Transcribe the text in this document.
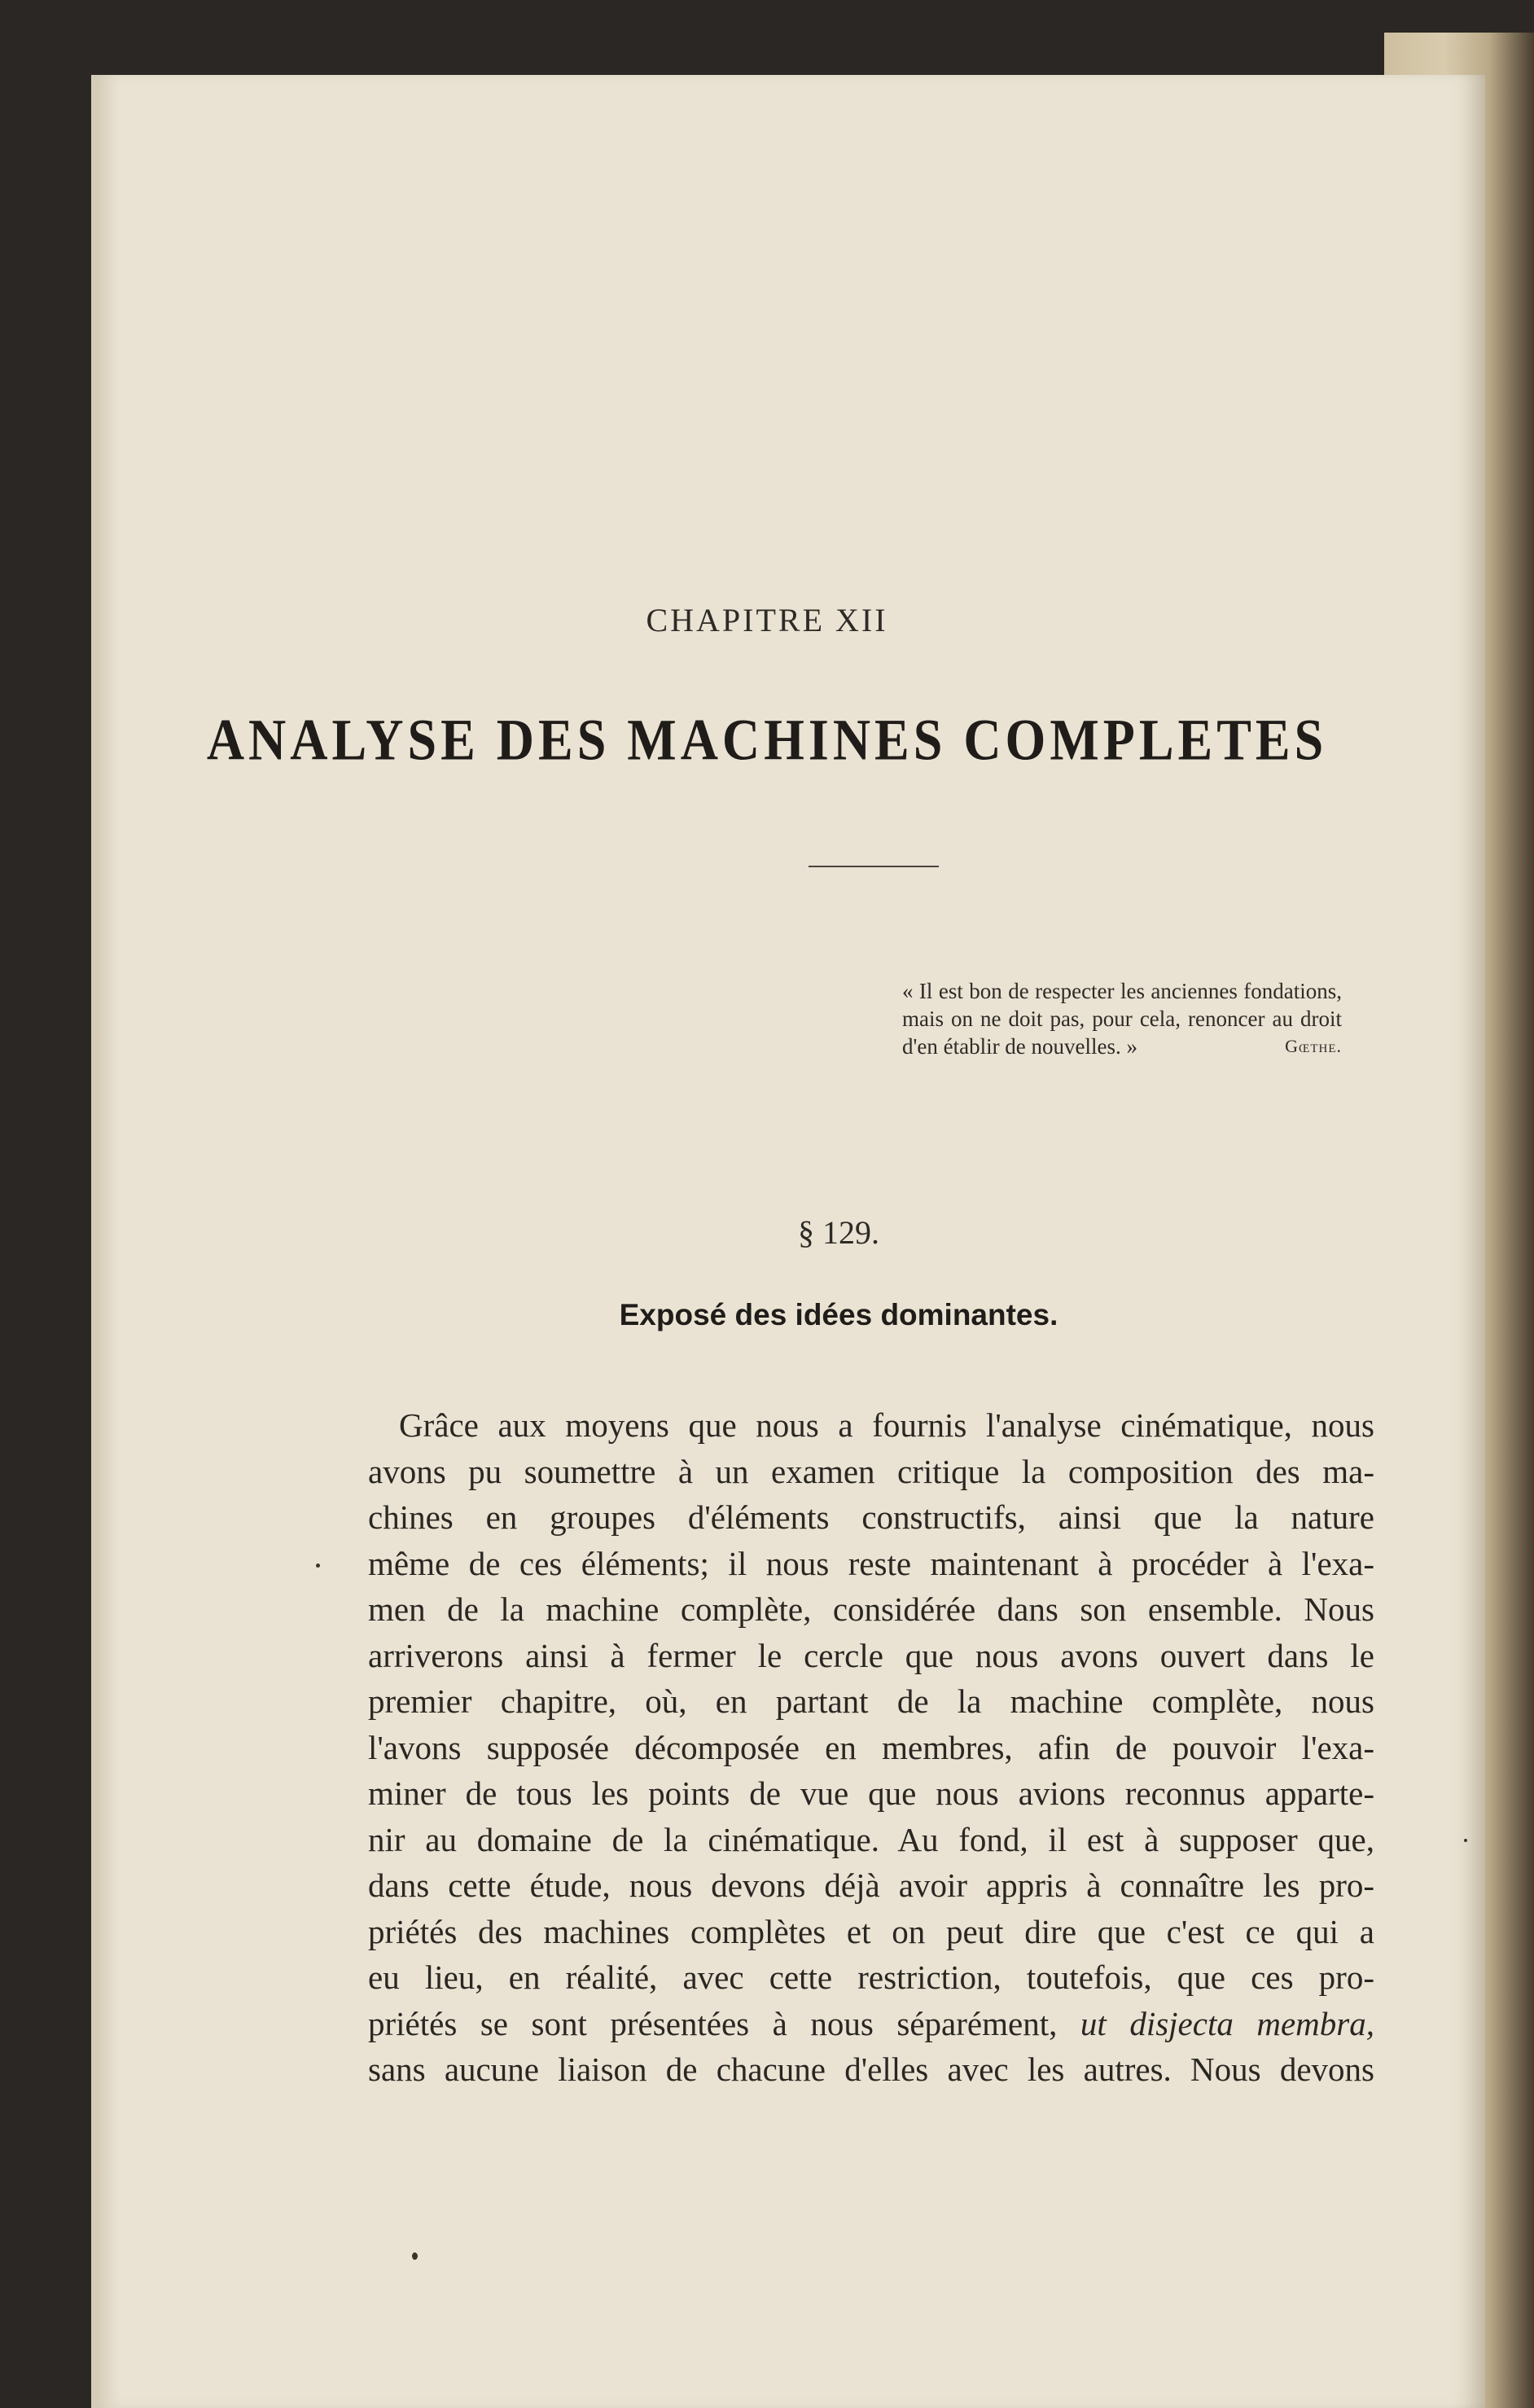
CHAPITRE XII
ANALYSE DES MACHINES COMPLETES
« Il est bon de respecter les anciennes fondations, mais on ne doit pas, pour cela, renoncer au droit d'en établir de nouvelles. »	Gœthe.
§ 129.
Exposé des idées dominantes.
Grâce aux moyens que nous a fournis l'analyse cinématique, nous
avons pu soumettre à un examen critique la composition des ma-
chines en groupes d'éléments constructifs, ainsi que la nature
même de ces éléments; il nous reste maintenant à procéder à l'exa-
men de la machine complète, considérée dans son ensemble. Nous
arriverons ainsi à fermer le cercle que nous avons ouvert dans le
premier chapitre, où, en partant de la machine complète, nous
l'avons supposée décomposée en membres, afin de pouvoir l'exa-
miner de tous les points de vue que nous avions reconnus apparte-
nir au domaine de la cinématique. Au fond, il est à supposer que,
dans cette étude, nous devons déjà avoir appris à connaître les pro-
priétés des machines complètes et on peut dire que c'est ce qui a
eu lieu, en réalité, avec cette restriction, toutefois, que ces pro-
priétés se sont présentées à nous séparément, ut disjecta membra,
sans aucune liaison de chacune d'elles avec les autres. Nous devons
